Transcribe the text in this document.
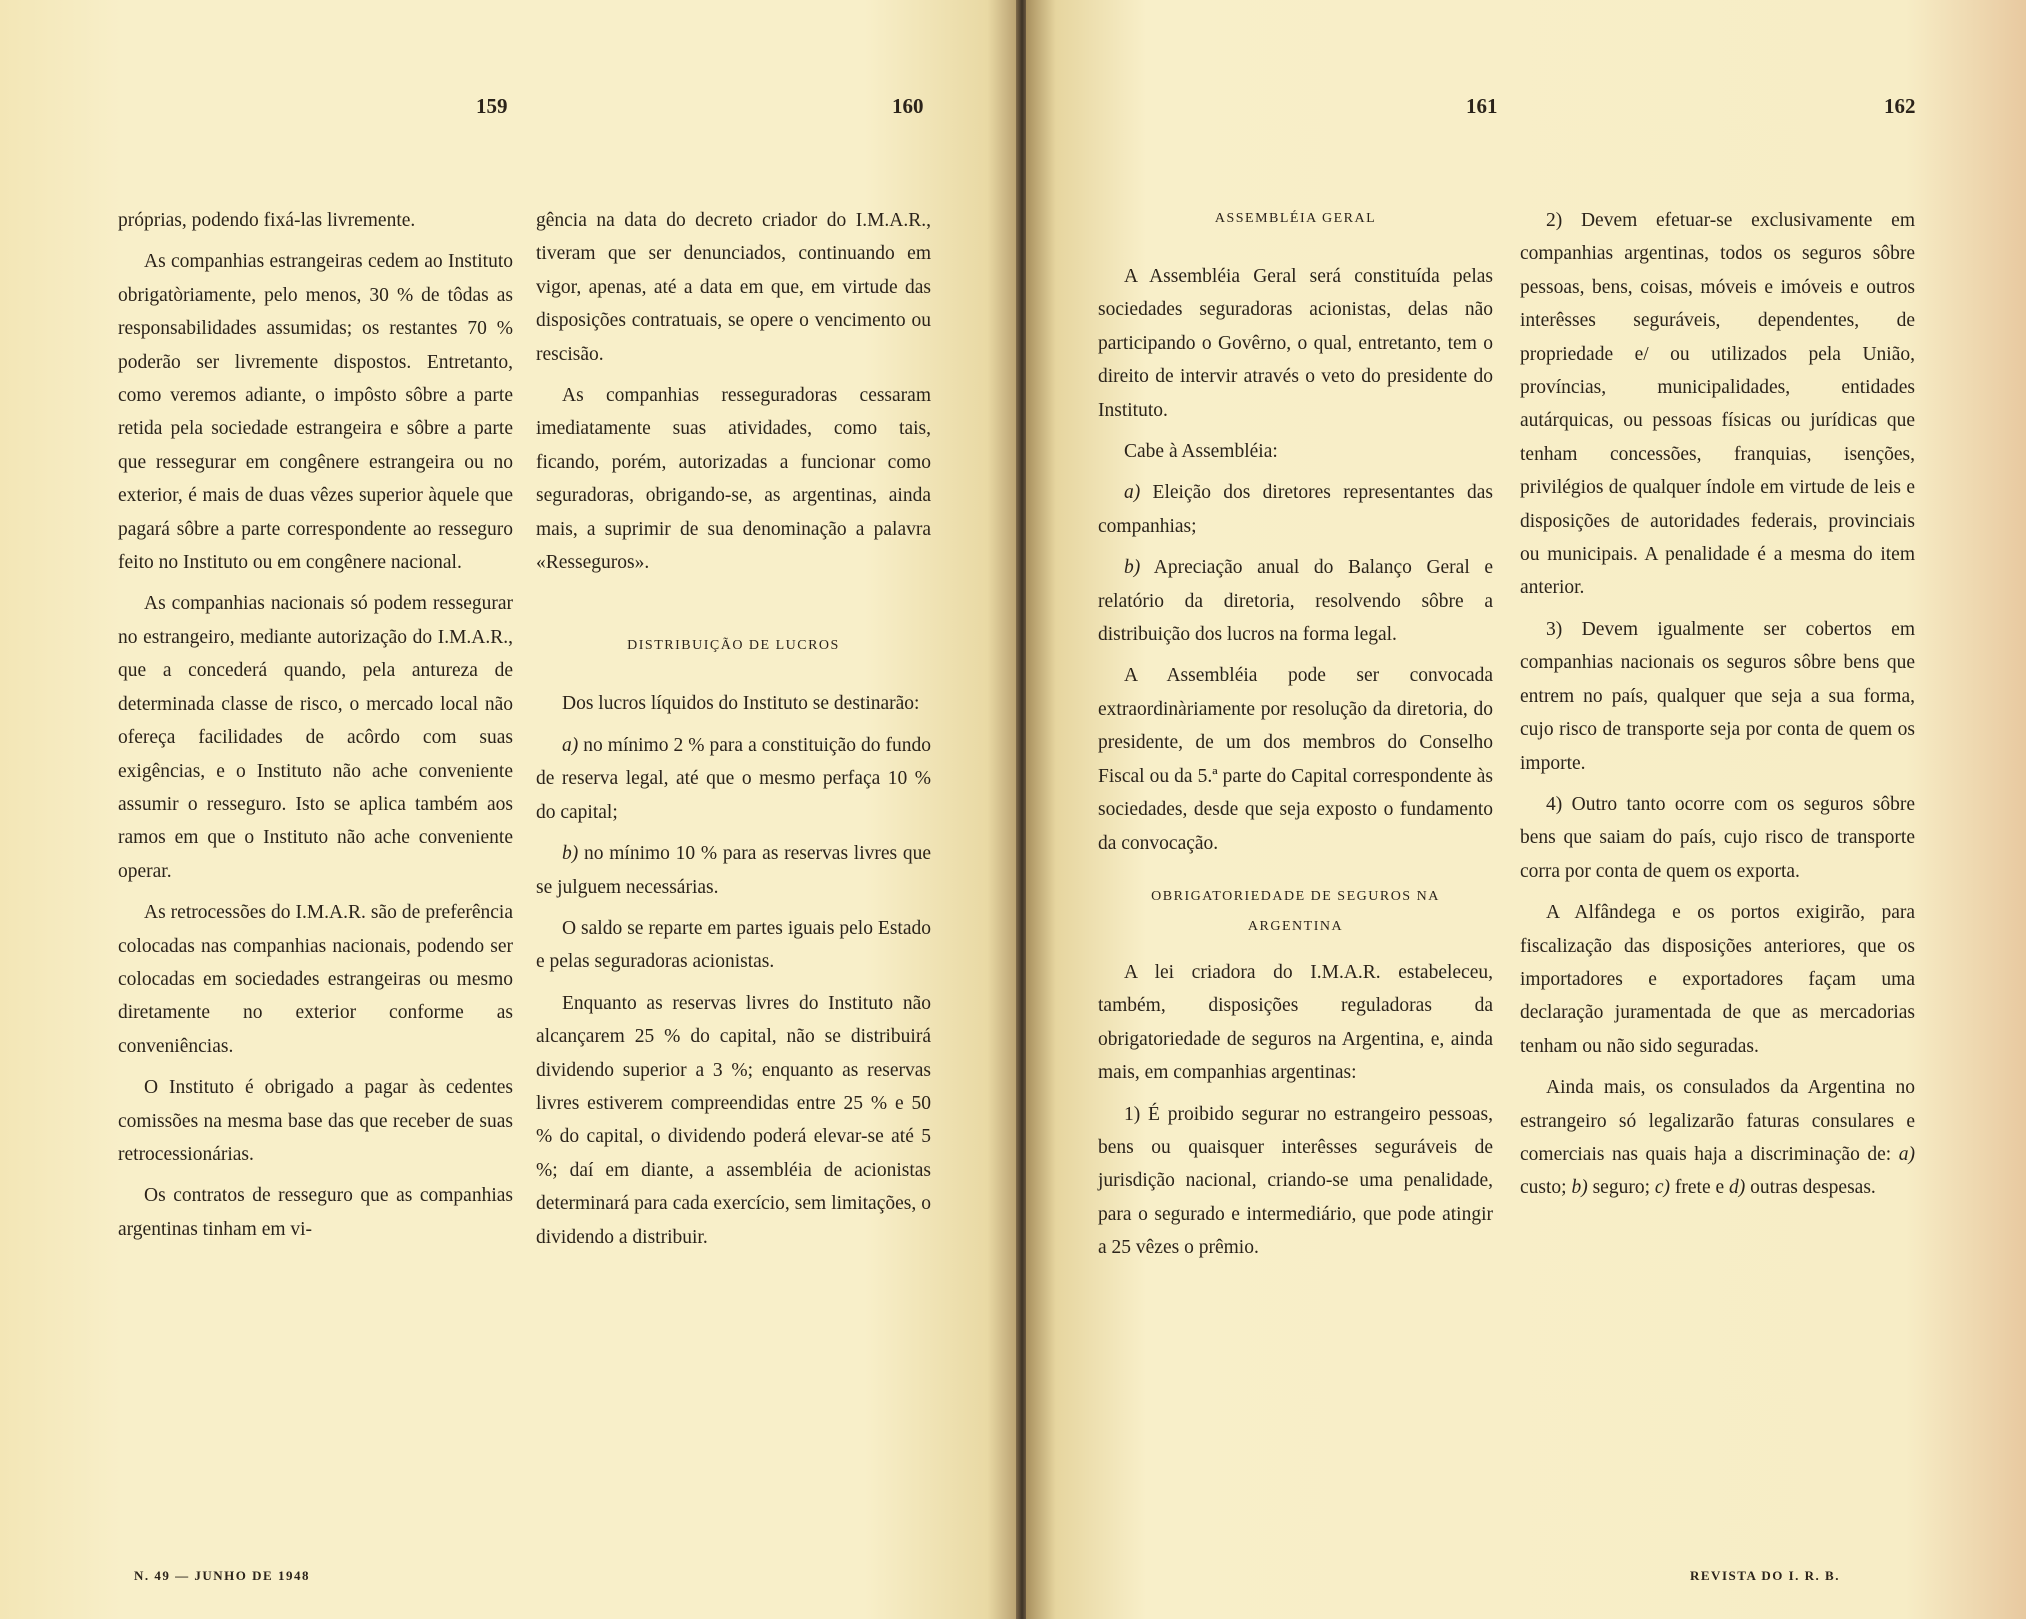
159	160

próprias, podendo fixá-las livremente.

As companhias estrangeiras cedem ao Instituto obrigatòriamente, pelo menos, 30 % de tôdas as responsabilidades assumidas; os restantes 70 % poderão ser livremente dispostos. Entretanto, como veremos adiante, o impôsto sôbre a parte retida pela sociedade estrangeira e sôbre a parte que ressegurar em congênere estrangeira ou no exterior, é mais de duas vêzes superior àquele que pagará sôbre a parte correspondente ao resseguro feito no Instituto ou em congênere nacional.

As companhias nacionais só podem ressegurar no estrangeiro, mediante autorização do I.M.A.R., que a concederá quando, pela antureza de determinada classe de risco, o mercado local não ofereça facilidades de acôrdo com suas exigências, e o Instituto não ache conveniente assumir o resseguro. Isto se aplica também aos ramos em que o Instituto não ache conveniente operar.

As retrocessões do I.M.A.R. são de preferência colocadas nas companhias nacionais, podendo ser colocadas em sociedades estrangeiras ou mesmo diretamente no exterior conforme as conveniências.

O Instituto é obrigado a pagar às cedentes comissões na mesma base das que receber de suas retrocessionárias.

Os contratos de resseguro que as companhias argentinas tinham em vi-

gência na data do decreto criador do I.M.A.R., tiveram que ser denunciados, continuando em vigor, apenas, até a data em que, em virtude das disposições contratuais, se opere o vencimento ou rescisão.

As companhias resseguradoras cessaram imediatamente suas atividades, como tais, ficando, porém, autorizadas a funcionar como seguradoras, obrigando-se, as argentinas, ainda mais, a suprimir de sua denominação a palavra «Resseguros».

DISTRIBUIÇÃO DE LUCROS

Dos lucros líquidos do Instituto se destinarão:

a) no mínimo 2 % para a constituição do fundo de reserva legal, até que o mesmo perfaça 10 % do capital;

b) no mínimo 10 % para as reservas livres que se julguem necessárias.

O saldo se reparte em partes iguais pelo Estado e pelas seguradoras acionistas.

Enquanto as reservas livres do Instituto não alcançarem 25 % do capital, não se distribuirá dividendo superior a 3 %; enquanto as reservas livres estiverem compreendidas entre 25 % e 50 % do capital, o dividendo poderá elevar-se até 5 %; daí em diante, a assembléia de acionistas determinará para cada exercício, sem limitações, o dividendo a distribuir.

N. 49 — JUNHO DE 1948
161	162
ASSEMBLÉIA GERAL

A Assembléia Geral será constituída pelas sociedades seguradoras acionistas, delas não participando o Govêrno, o qual, entretanto, tem o direito de intervir através o veto do presidente do Instituto.

Cabe à Assembléia:

a) Eleição dos diretores representantes das companhias;

b) Apreciação anual do Balanço Geral e relatório da diretoria, resolvendo sôbre a distribuição dos lucros na forma legal.

A Assembléia pode ser convocada extraordinàriamente por resolução da diretoria, do presidente, de um dos membros do Conselho Fiscal ou da 5.ª parte do Capital correspondente às sociedades, desde que seja exposto o fundamento da convocação.

OBRIGATORIEDADE DE SEGUROS NA
ARGENTINA

A lei criadora do I.M.A.R. estabeleceu, também, disposições reguladoras da obrigatoriedade de seguros na Argentina, e, ainda mais, em companhias argentinas:

1) É proibido segurar no estrangeiro pessoas, bens ou quaisquer interêsses seguráveis de jurisdição nacional, criando-se uma penalidade, para o segurado e intermediário, que pode atingir a 25 vêzes o prêmio.

2) Devem efetuar-se exclusivamente em companhias argentinas, todos os seguros sôbre pessoas, bens, coisas, móveis e imóveis e outros interêsses seguráveis, dependentes, de propriedade e/ ou utilizados pela União, províncias, municipalidades, entidades autárquicas, ou pessoas físicas ou jurídicas que tenham concessões, franquias, isenções, privilégios de qualquer índole em virtude de leis e disposições de autoridades federais, provinciais ou municipais. A penalidade é a mesma do item anterior.

3) Devem igualmente ser cobertos em companhias nacionais os seguros sôbre bens que entrem no país, qualquer que seja a sua forma, cujo risco de transporte seja por conta de quem os importe.

4) Outro tanto ocorre com os seguros sôbre bens que saiam do país, cujo risco de transporte corra por conta de quem os exporta.

A Alfândega e os portos exigirão, para fiscalização das disposições anteriores, que os importadores e exportadores façam uma declaração juramentada de que as mercadorias tenham ou não sido seguradas.

Ainda mais, os consulados da Argentina no estrangeiro só legalizarão faturas consulares e comerciais nas quais haja a discriminação de: a) custo; b) seguro; c) frete e d) outras despesas.

REVISTA DO I. R. B.
